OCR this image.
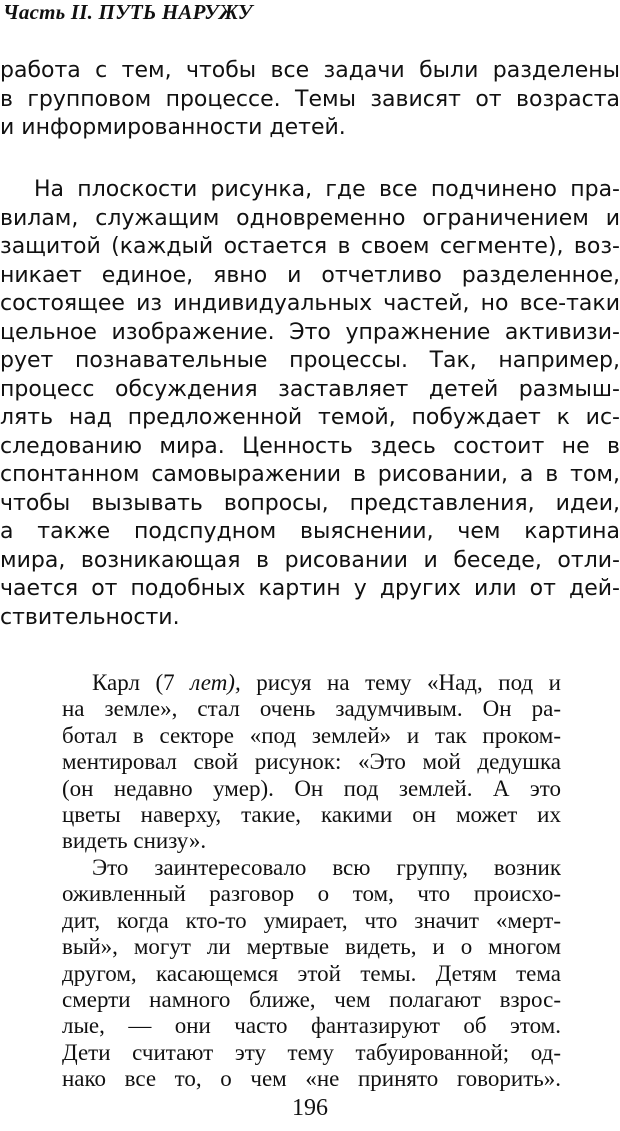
Часть II. ПУТЬ НАРУЖУ
работа с тем, чтобы все задачи были разделены
в групповом процессе. Темы зависят от возраста
и информированности детей.
На плоскости рисунка, где все подчинено пра-
вилам, служащим одновременно ограничением и
защитой (каждый остается в своем сегменте), воз-
никает единое, явно и отчетливо разделенное,
состоящее из индивидуальных частей, но все-таки
цельное изображение. Это упражнение активизи-
рует познавательные процессы. Так, например,
процесс обсуждения заставляет детей размыш-
лять над предложенной темой, побуждает к ис-
следованию мира. Ценность здесь состоит не в
спонтанном самовыражении в рисовании, а в том,
чтобы вызывать вопросы, представления, идеи,
а также подспудном выяснении, чем картина
мира, возникающая в рисовании и беседе, отли-
чается от подобных картин у других или от дей-
ствительности.
Карл (7 лет), рисуя на тему «Над, под и
на земле», стал очень задумчивым. Он ра-
ботал в секторе «под землей» и так проком-
ментировал свой рисунок: «Это мой дедушка
(он недавно умер). Он под землей. А это
цветы наверху, такие, какими он может их
видеть снизу».
Это заинтересовало всю группу, возник
оживленный разговор о том, что происхо-
дит, когда кто-то умирает, что значит «мерт-
вый», могут ли мертвые видеть, и о многом
другом, касающемся этой темы. Детям тема
смерти намного ближе, чем полагают взрос-
лые, — они часто фантазируют об этом.
Дети считают эту тему табуированной; од-
нако все то, о чем «не принято говорить».
196
